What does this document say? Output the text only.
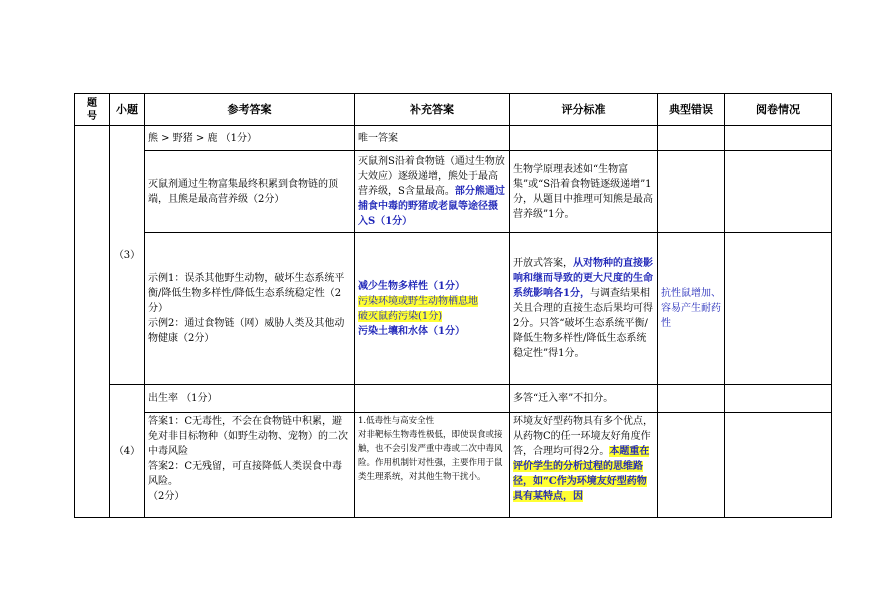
题号	小题	参考答案	补充答案	评分标准	典型错误	阅卷情况
	（3）	熊 > 野猪 > 鹿 （1分）	唯一答案			
		灭鼠剂通过生物富集最终积累到食物链的顶端，且熊是最高营养级（2分）	灭鼠剂S沿着食物链（通过生物放大效应）逐级递增，熊处于最高营养级，S含量最高。部分熊通过捕食中毒的野猪或老鼠等途径摄入S（1分）	生物学原理表述如“生物富集”或“S沿着食物链逐级递增”1分，从题目中推理可知熊是最高营养级”1分。		

		示例1：误杀其他野生动物，破坏生态系统平衡/降低生物多样性/降低生态系统稳定性（2分）
示例2：通过食物链（网）威胁人类及其他动物健康（2分）	减少生物多样性（1分）
污染环境或野生动物栖息地
破灭鼠药污染(1分)
污染土壤和水体（1分）	开放式答案，从对物种的直接影响和继而导致的更大尺度的生命系统影响各1分，与调查结果相关且合理的直接生态后果均可得2分。只答“破坏生态系统平衡/降低生物多样性/降低生态系统稳定性”得1分。	抗性鼠增加、容易产生耐药性	
	（4）	出生率 （1分）		多答“迁入率”不扣分。		

		答案1：C无毒性，不会在食物链中积累，避免对非目标物种（如野生动物、宠物）的二次中毒风险
答案2：C无残留，可直接降低人类误食中毒风险。
（2分）	1.低毒性与高安全性
对非靶标生物毒性极低，即使误食或接触，也不会引发严重中毒或二次中毒风险。作用机制针对性强，主要作用于鼠类生理系统，对其他生物干扰小。	环境友好型药物具有多个优点，从药物C的任一环境友好角度作答，合理均可得2分。本题重在评价学生的分析过程的思维路径，如“C作为环境友好型药物具有某特点，因		
